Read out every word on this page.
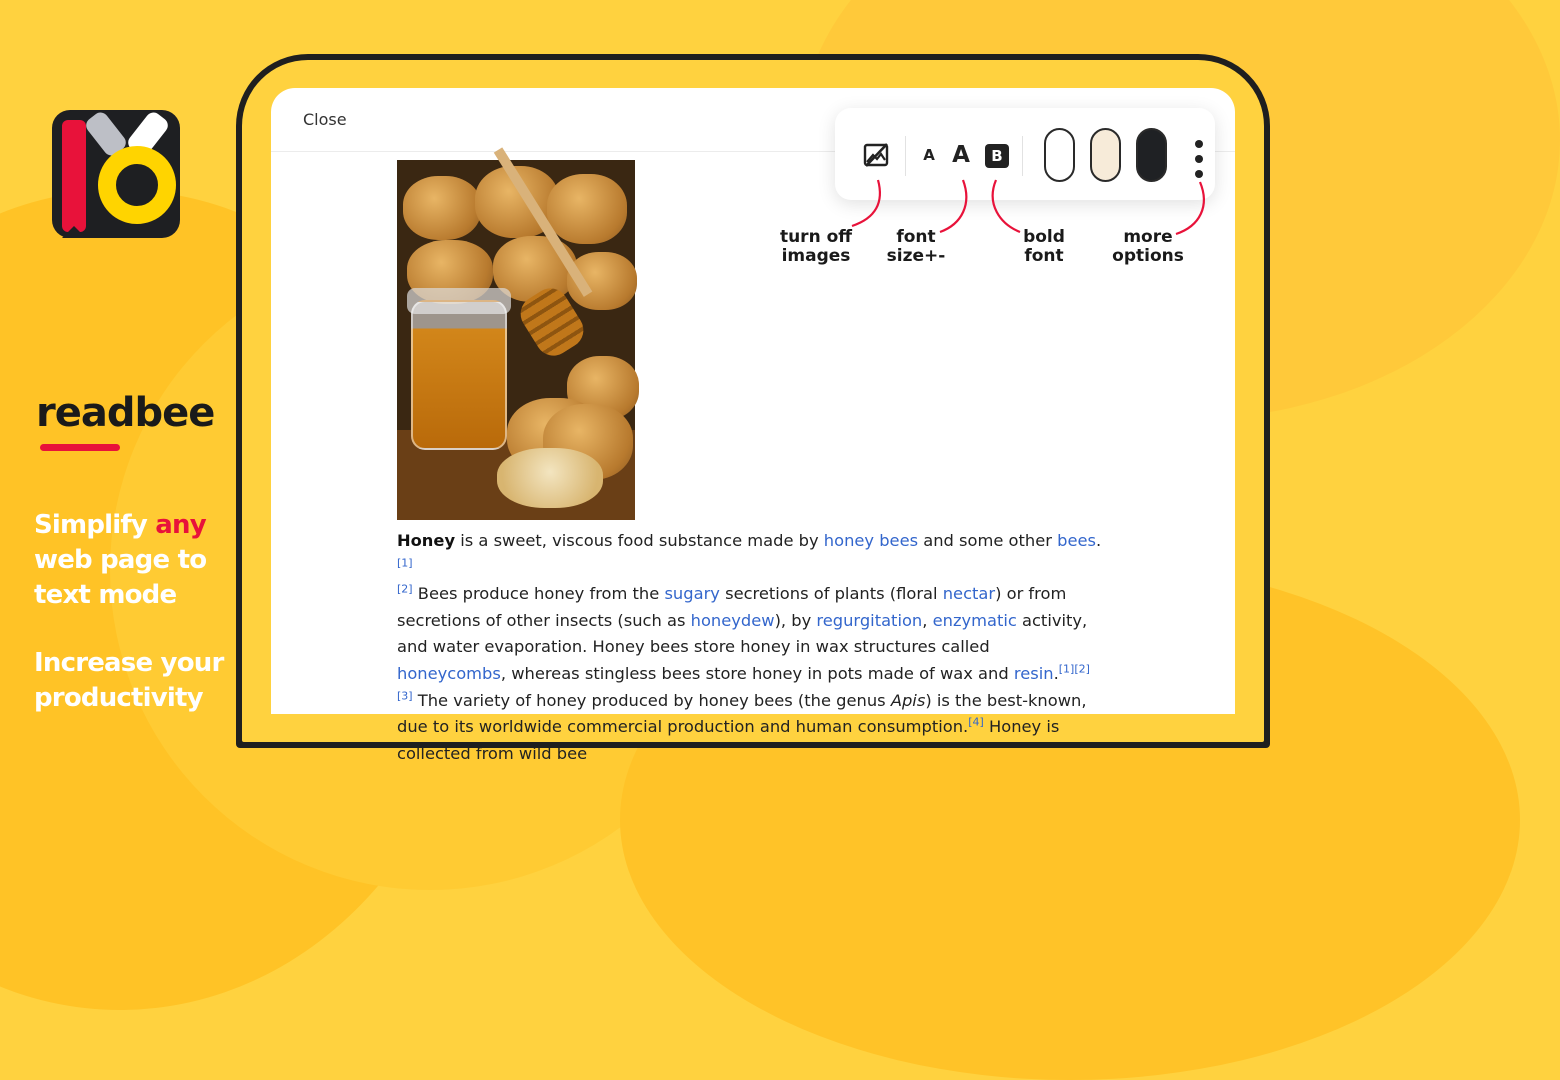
readbee
Simplify any web page to text mode
Increase your productivity
Close
Honey is a sweet, viscous food substance made by honey bees and some other bees.[1]
[2] Bees produce honey from the sugary secretions of plants (floral nectar) or from secretions of other insects (such as honeydew), by regurgitation, enzymatic activity, and water evaporation. Honey bees store honey in wax structures called honeycombs, whereas stingless bees store honey in pots made of wax and resin.[1][2][3] The variety of honey produced by honey bees (the genus Apis) is the best-known, due to its worldwide commercial production and human consumption.[4] Honey is collected from wild bee
A A	B
turn off
images
font
size+-
bold
font
more
options
